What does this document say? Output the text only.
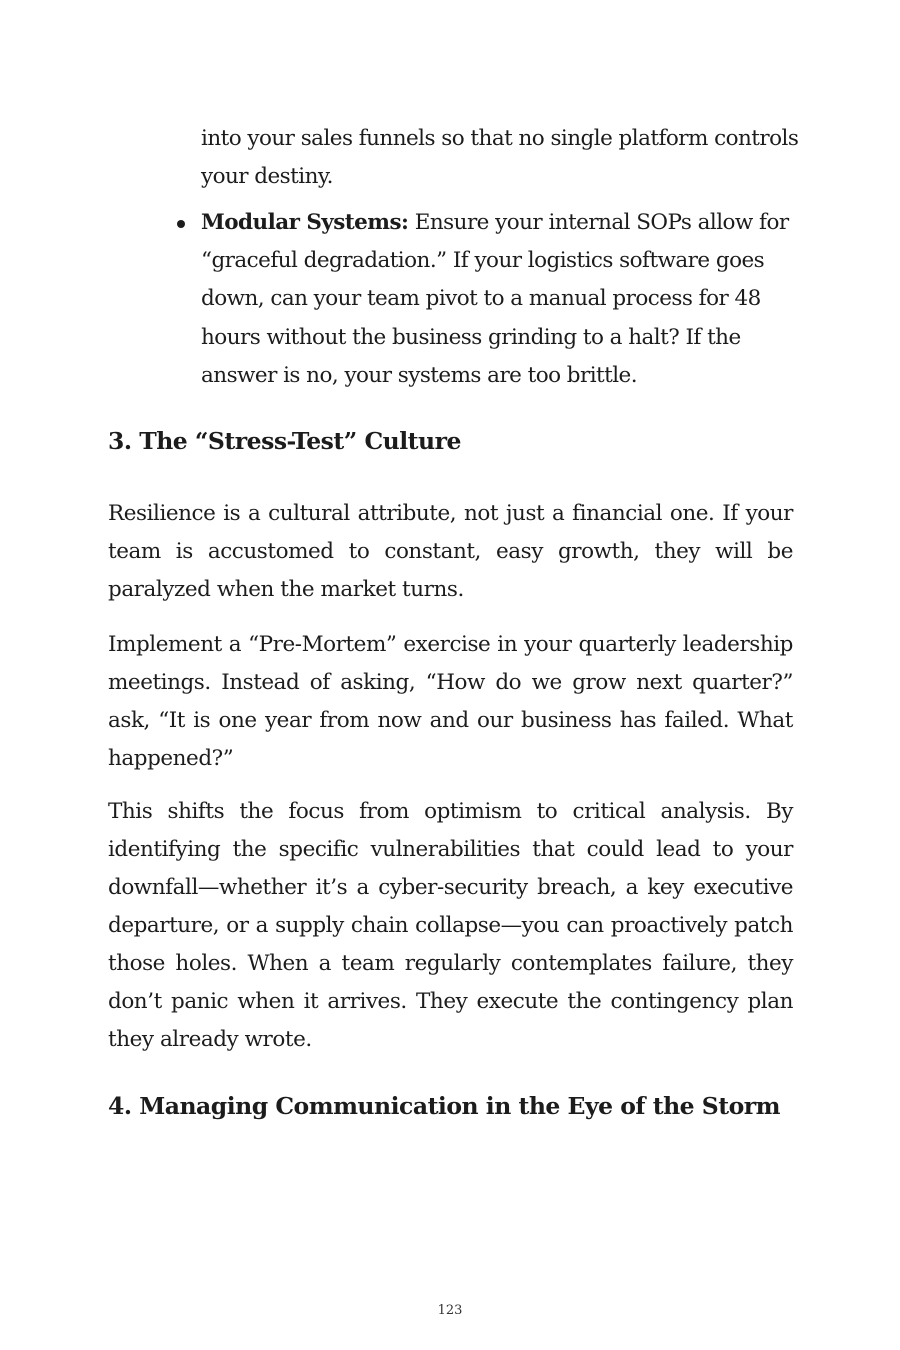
into your sales funnels so that no single platform controls your destiny.

Modular Systems: Ensure your internal SOPs allow for “graceful degradation.” If your logistics software goes down, can your team pivot to a manual process for 48 hours without the business grinding to a halt? If the answer is no, your systems are too brittle.
3. The “Stress-Test” Culture

Resilience is a cultural attribute, not just a financial one. If your team is accustomed to constant, easy growth, they will be paralyzed when the market turns.

Implement a “Pre-Mortem” exercise in your quarterly leadership meetings. Instead of asking, “How do we grow next quarter?” ask, “It is one year from now and our business has failed. What happened?”

This shifts the focus from optimism to critical analysis. By identifying the specific vulnerabilities that could lead to your downfall—whether it’s a cyber-security breach, a key executive departure, or a supply chain collapse—you can proactively patch those holes. When a team regularly contemplates failure, they don’t panic when it arrives. They execute the contingency plan they already wrote.

4. Managing Communication in the Eye of the Storm
123
